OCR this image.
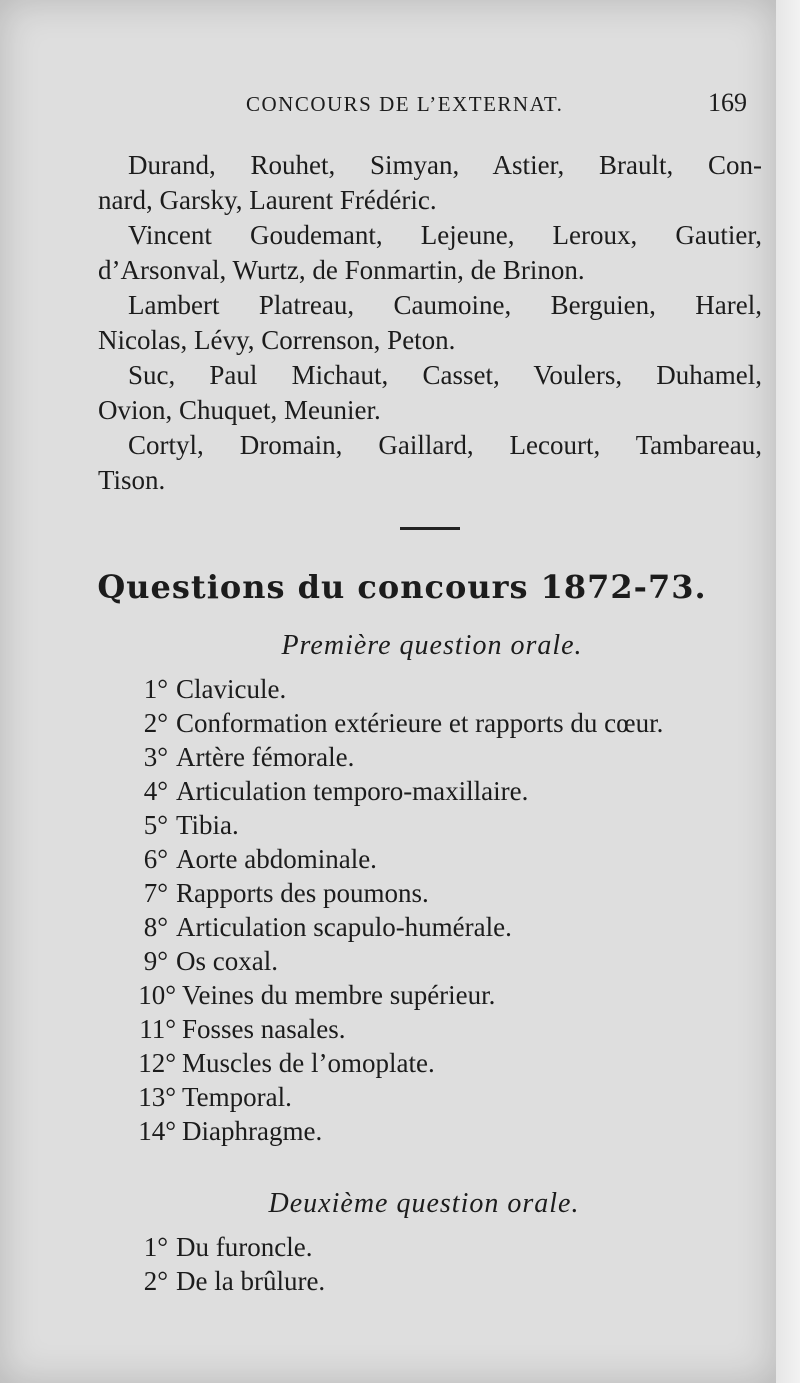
CONCOURS DE L’EXTERNAT.	169
Durand, Rouhet, Simyan, Astier, Brault, Con-
nard, Garsky, Laurent Frédéric.
Vincent Goudemant, Lejeune, Leroux, Gautier,
d’Arsonval, Wurtz, de Fonmartin, de Brinon.
Lambert Platreau, Caumoine, Berguien, Harel,
Nicolas, Lévy, Correnson, Peton.
Suc, Paul Michaut, Casset, Voulers, Duhamel,
Ovion, Chuquet, Meunier.
Cortyl, Dromain, Gaillard, Lecourt, Tambareau,
Tison.
Questions du concours 1872-73.
Première question orale.
1° Clavicule.
2° Conformation extérieure et rapports du cœur.
3° Artère fémorale.
4° Articulation temporo-maxillaire.
5° Tibia.
6° Aorte abdominale.
7° Rapports des poumons.
8° Articulation scapulo-humérale.
9° Os coxal.
10° Veines du membre supérieur.
11° Fosses nasales.
12° Muscles de l’omoplate.
13° Temporal.
14° Diaphragme.
Deuxième question orale.
1° Du furoncle.
2° De la brûlure.
